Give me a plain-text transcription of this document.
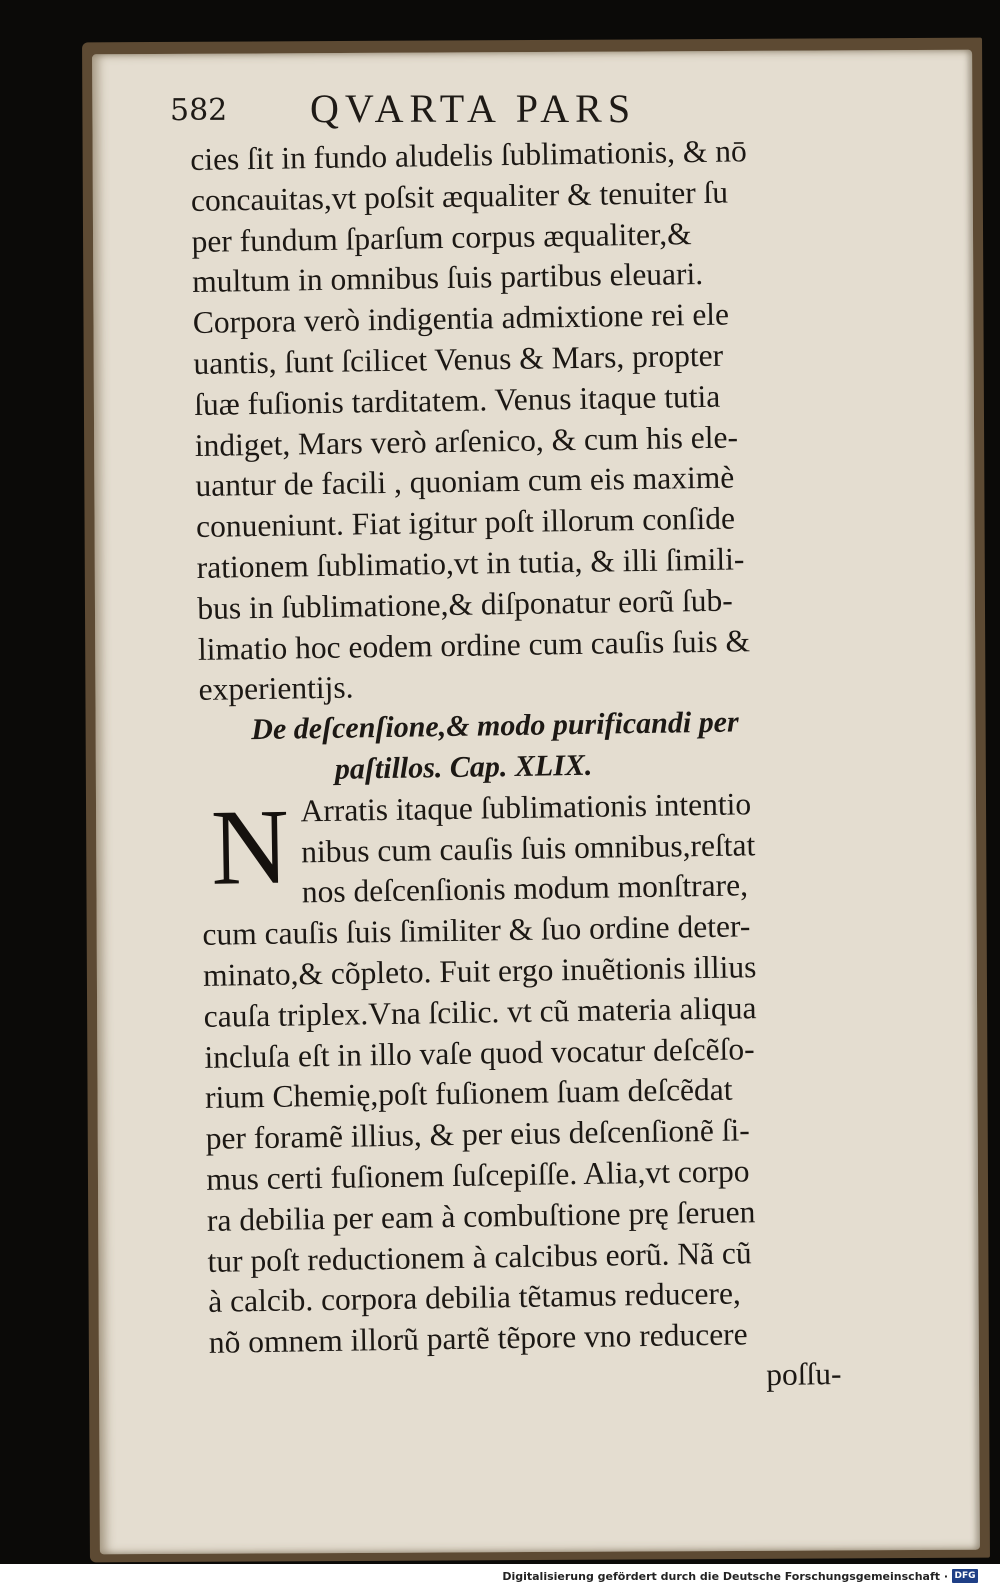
582 QVARTA PARS
cies ſit in fundo aludelis ſublimationis, & nō
concauitas,vt poſsit æqualiter & tenuiter ſu
per fundum ſparſum corpus æqualiter,&
multum in omnibus ſuis partibus eleuari.
Corpora verò indigentia admixtione rei ele
uantis, ſunt ſcilicet Venus & Mars, propter
ſuæ fuſionis tarditatem. Venus itaque tutia
indiget, Mars verò arſenico, & cum his ele-
uantur de facili , quoniam cum eis maximè
conueniunt. Fiat igitur poſt illorum conſide
rationem ſublimatio,vt in tutia, & illi ſimili-
bus in ſublimatione,& diſponatur eorũ ſub-
limatio hoc eodem ordine cum cauſis ſuis &
experientijs.
De deſcenſione,& modo purificandi per
paſtillos. Cap. XLIX.
N Arratis itaque ſublimationis intentio
nibus cum cauſis ſuis omnibus,reſtat
nos deſcenſionis modum monſtrare,
cum cauſis ſuis ſimiliter & ſuo ordine deter-
minato,& cõpleto. Fuit ergo inuẽtionis illius
cauſa triplex.Vna ſcilic. vt cũ materia aliqua
incluſa eſt in illo vaſe quod vocatur deſcẽſo-
rium Chemię,poſt fuſionem ſuam deſcẽdat
per foramẽ illius, & per eius deſcenſionẽ ſi-
mus certi fuſionem ſuſcepiſſe. Alia,vt corpo
ra debilia per eam à combuſtione prę ſeruen
tur poſt reductionem à calcibus eorũ. Nã cũ
à calcib. corpora debilia tẽtamus reducere,
nõ omnem illorũ partẽ tẽpore vno reducere
poſſu-
Digitalisierung gefördert durch die Deutsche Forschungsgemeinschaft · DFG
